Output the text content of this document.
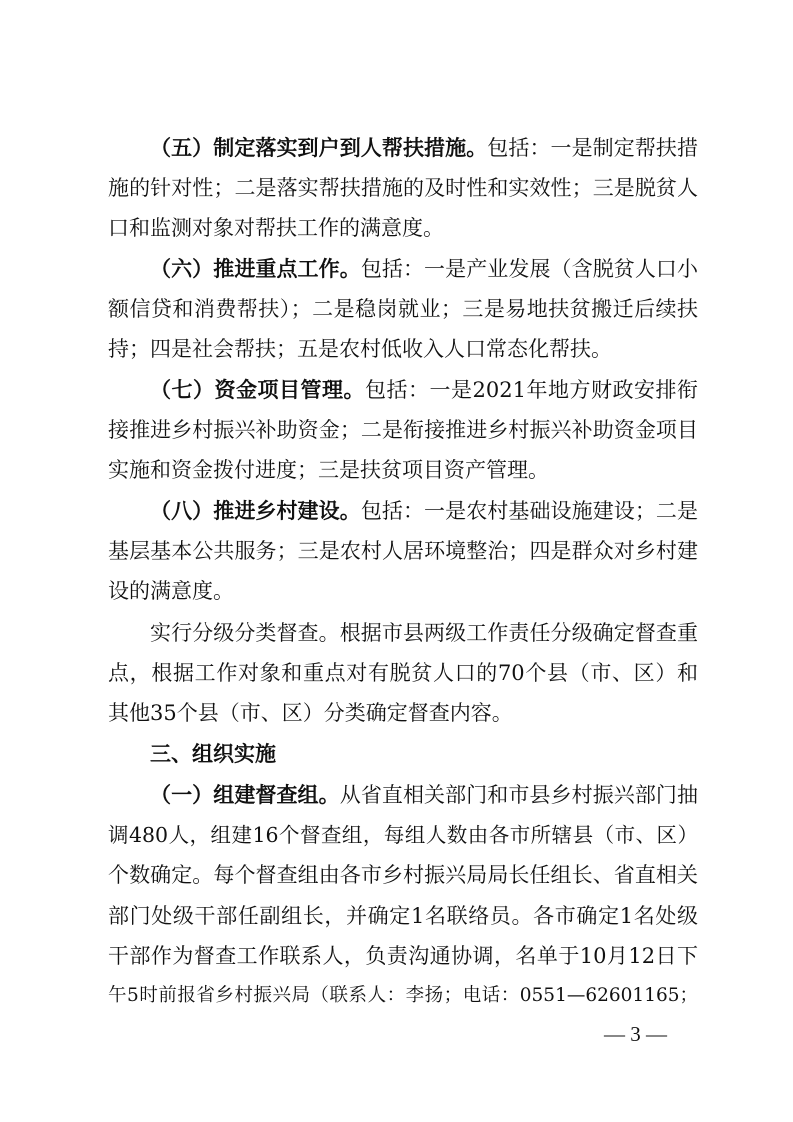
（五）制定落实到户到人帮扶措施。包括：一是制定帮扶措
施的针对性；二是落实帮扶措施的及时性和实效性；三是脱贫人
口和监测对象对帮扶工作的满意度。
（六）推进重点工作。包括：一是产业发展（含脱贫人口小
额信贷和消费帮扶）；二是稳岗就业；三是易地扶贫搬迁后续扶
持；四是社会帮扶；五是农村低收入人口常态化帮扶。
（七）资金项目管理。包括：一是2021年地方财政安排衔
接推进乡村振兴补助资金；二是衔接推进乡村振兴补助资金项目
实施和资金拨付进度；三是扶贫项目资产管理。
（八）推进乡村建设。包括：一是农村基础设施建设；二是
基层基本公共服务；三是农村人居环境整治；四是群众对乡村建
设的满意度。
实行分级分类督查。根据市县两级工作责任分级确定督查重
点，根据工作对象和重点对有脱贫人口的70个县（市、区）和
其他35个县（市、区）分类确定督查内容。
三、组织实施
（一）组建督查组。从省直相关部门和市县乡村振兴部门抽
调480人，组建16个督查组，每组人数由各市所辖县（市、区）
个数确定。每个督查组由各市乡村振兴局局长任组长、省直相关
部门处级干部任副组长，并确定1名联络员。各市确定1名处级
干部作为督查工作联系人，负责沟通协调，名单于10月12日下
午5时前报省乡村振兴局（联系人：李扬；电话：0551—62601165；
— 3 —
